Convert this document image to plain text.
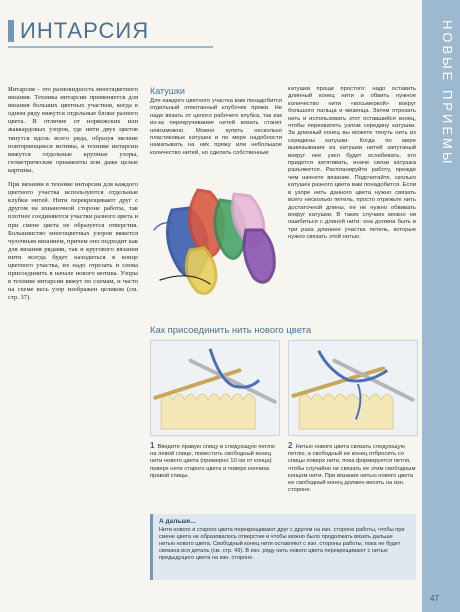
ИНТАРСИЯ	НОВЫЕ ПРИЕМЫ

Интарсия – это разновидность многоцветного вязания. Техника интарсии применяется для вязания больших цветных участков, когда в одном ряду вяжутся отдельные блоки разного цвета. В отличие от норвежских или жаккардовых узоров, где нити двух цветов тянутся вдоль всего ряда, образуя мелкие повторяющиеся мотивы, в технике интарсии вяжутся отдельные крупные узоры, геометрические орнаменты или даже целые картины.

При вязании в технике интарсии для каждого цветного участка используются отдельные клубки нитей. Нити перекрещивают друг с другом на изнаночной стороне работы, так плотнее соединяются участки разного цвета и при смене цвета не образуется отверстия. Большинство многоцветных узоров вяжется чулочным вязанием, причем оно подходит как для вязания рядами, так и кругового вязания нити всегда будет находиться в конце цветного участка, их надо отрезать и снова присоединить в начале нового мотива. Узоры в технике интарсии вяжут по схемам, и часто на схеме весь узор изображен целиком (см. стр. 37).

Катушки
Для каждого цветного участка вам понадобится отдельный отмотанный клубочек пряжи. Не надо вязать от целого рабочего клубка, так как из-за перекручивания нитей вязать станет невозможно. Можно купить несколько пластиковых катушек и по мере надобности наматывать на них пряжу или небольшое количество нитей, но сделать собственные
катушки проще простого: надо оставить длинный конец нити и обвить нужное количество нити «восьмеркой» вокруг большого пальца и мизинца. Затем отрезать нить и использовать этот оставшийся конец, чтобы перехватить узлом середину катушки. За длинный конец вы можете тянуть нить из середины катушки. Когда по мере вывязывания из катушки нитей запутаный вокруг нее узел будет ослабевать, его придется затягивать, иначе связи катушка разъяжется. Распланируйте работу, прежде чем начнете вязание. Подсчитайте, сколько катушек разного цвета вам понадобится. Если в узоре нить данного цвета нужно связать всего несколько петель, просто отрежьте нить достаточной длины, ее не нужно обвивать вокруг катушки. В таких случаях можно ни ошибиться с длиной нити: она должна быть в три раза длиннее участка петель, которые нужно связать этой нитью.
Как присоединить нить нового цвета
1 Введите правую спицу в следующую петлю на левой спице, поместить свободный конец нити нового цвета (примерно 10 см от конца) поверх нити старого цвета и поверх кончика правой спицы.
2 Нитью нового цвета связать следующую петлю, а свободный ее конец отбросить со спицы поверх нити, пока формируется петля, чтобы случайно не связать ее этим свободным концом нити. При вязании нитью нового цвета ее свободный конец должен висеть на изн. стороне.
А дальше...
Нити нового и старого цвета перекрещивают друг с другом на изн. стороне работы, чтобы при смене цвета не образовалось отверстие и чтобы можно было продолжать вязать дальше нитью нового цвета. Свободный конец нити оставляют с изн. стороны работы, пока не будет связана вся деталь (см. стр. 49). В изн. ряду нить нового цвета перекрещивают с нитью предыдущего цвета на изн. стороне.
47
